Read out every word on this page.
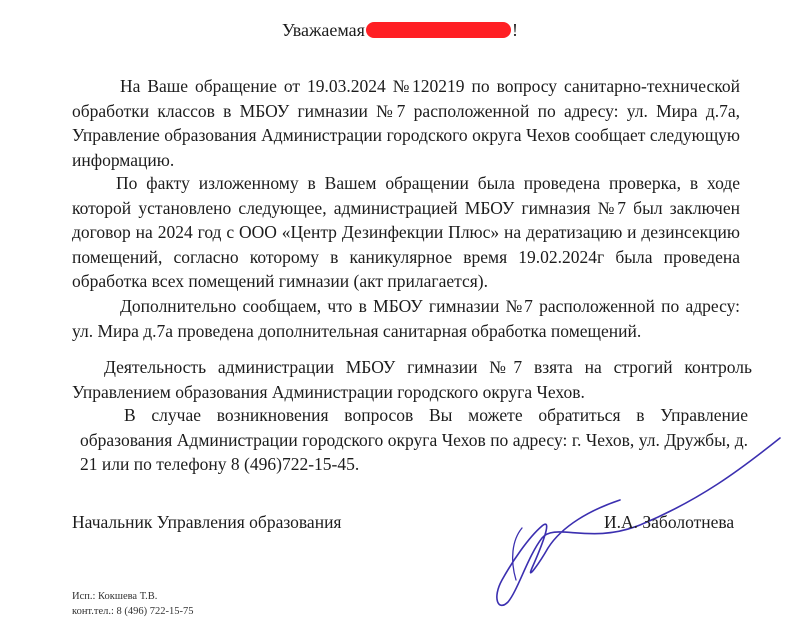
Уважаемая	!

На Ваше обращение от 19.03.2024 №120219 по вопросу санитарно-технической обработки классов в МБОУ гимназии №7 расположенной по адресу: ул. Мира д.7а, Управление образования Администрации городского округа Чехов сообщает следующую информацию.

По факту изложенному в Вашем обращении была проведена проверка, в ходе которой установлено следующее, администрацией МБОУ гимназия №7 был заключен договор на 2024 год с ООО «Центр Дезинфекции Плюс» на дератизацию и дезинсекцию помещений, согласно которому в каникулярное время 19.02.2024г была проведена обработка всех помещений гимназии (акт прилагается).

Дополнительно сообщаем, что в МБОУ гимназии №7 расположенной по адресу: ул. Мира д.7а проведена дополнительная санитарная обработка помещений.

Деятельность администрации МБОУ гимназии №7 взята на строгий контроль Управлением образования Администрации городского округа Чехов.

В случае возникновения вопросов Вы можете обратиться в Управление образования Администрации городского округа Чехов по адресу: г. Чехов, ул. Дружбы, д. 21 или по телефону 8 (496)722-15-45.

Начальник Управления образования	И.А. Заболотнева
Исп.: Кокшева Т.В.
конт.тел.: 8 (496) 722-15-75
